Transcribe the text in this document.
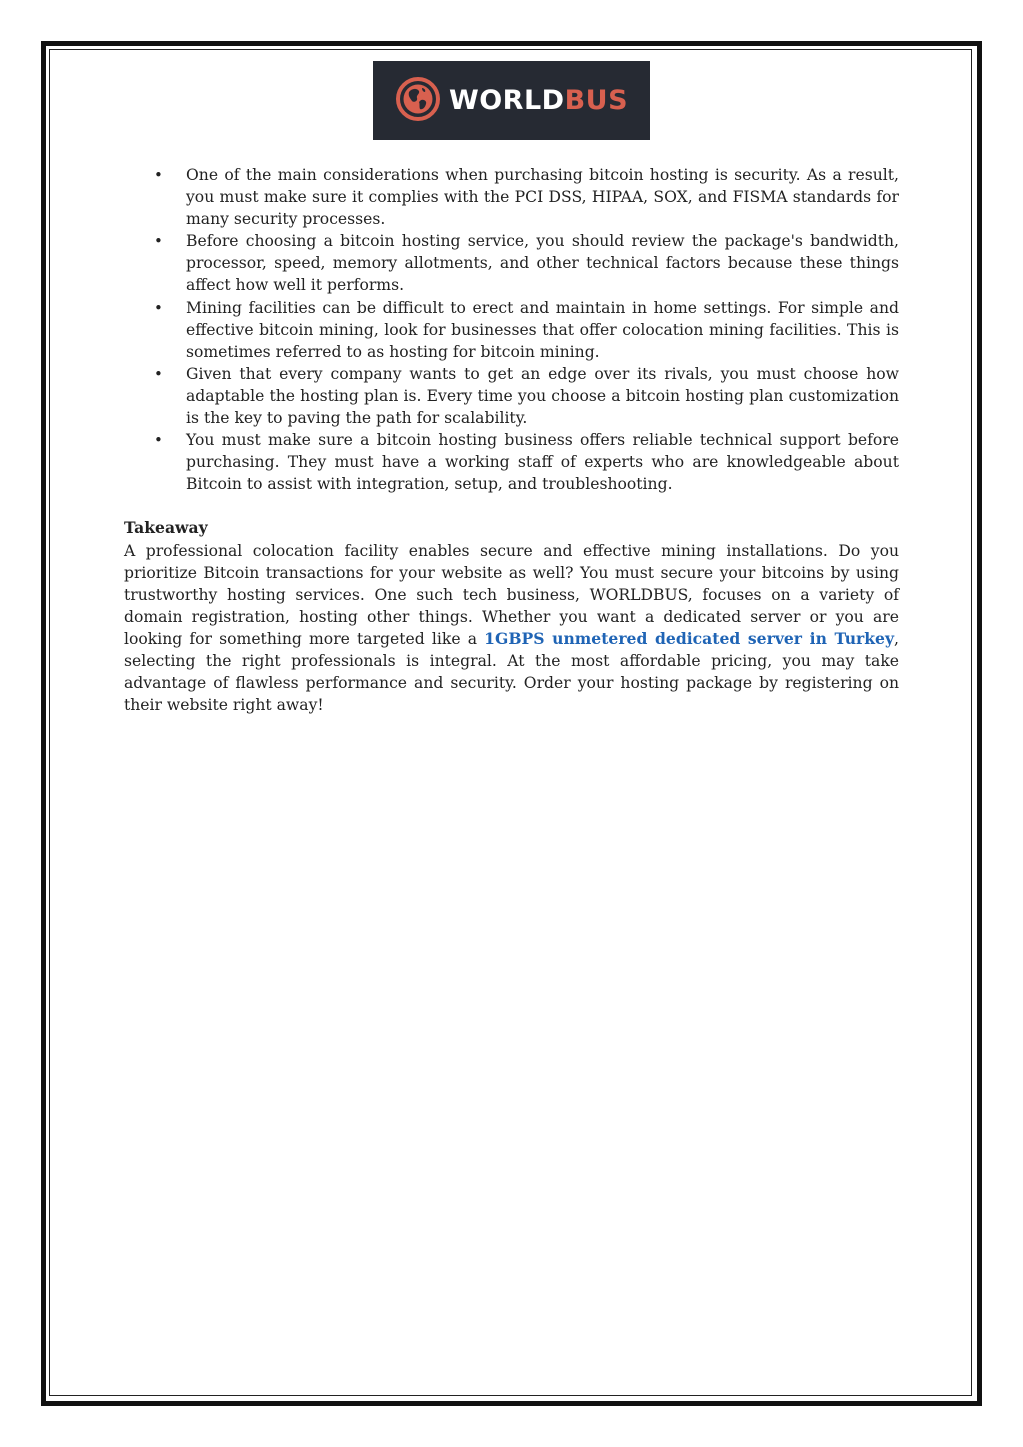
WORLDBUS
• One of the main considerations when purchasing bitcoin hosting is security. As a result, you must make sure it complies with the PCI DSS, HIPAA, SOX, and FISMA standards for many security processes.
• Before choosing a bitcoin hosting service, you should review the package's bandwidth, processor, speed, memory allotments, and other technical factors because these things affect how well it performs.
• Mining facilities can be difficult to erect and maintain in home settings. For simple and effective bitcoin mining, look for businesses that offer colocation mining facilities. This is sometimes referred to as hosting for bitcoin mining.
• Given that every company wants to get an edge over its rivals, you must choose how adaptable the hosting plan is. Every time you choose a bitcoin hosting plan customization is the key to paving the path for scalability.
• You must make sure a bitcoin hosting business offers reliable technical support before purchasing. They must have a working staff of experts who are knowledgeable about Bitcoin to assist with integration, setup, and troubleshooting.
Takeaway

A professional colocation facility enables secure and effective mining installations. Do you prioritize Bitcoin transactions for your website as well? You must secure your bitcoins by using trustworthy hosting services. One such tech business, WORLDBUS, focuses on a variety of domain registration, hosting other things. Whether you want a dedicated server or you are looking for something more targeted like a 1GBPS unmetered dedicated server in Turkey, selecting the right professionals is integral. At the most affordable pricing, you may take advantage of flawless performance and security. Order your hosting package by registering on their website right away!
